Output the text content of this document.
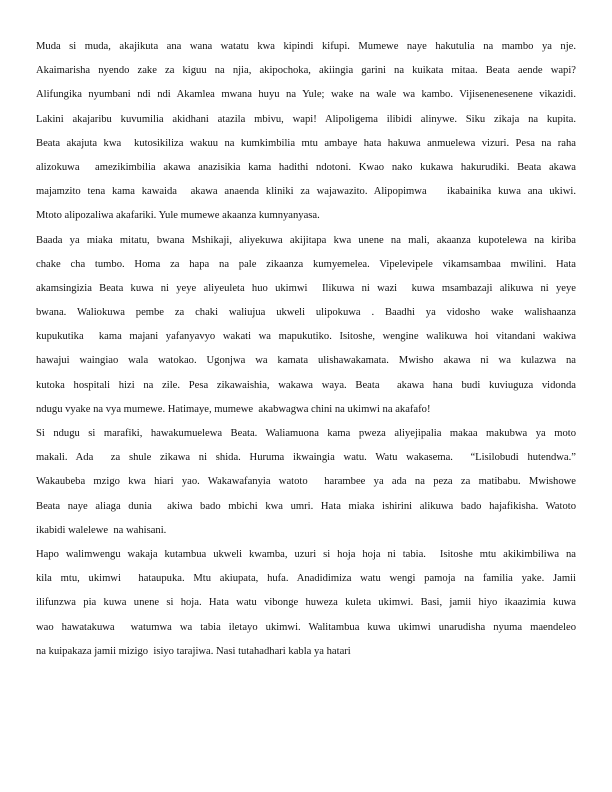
Muda si muda, akajikuta ana wana watatu kwa kipindi kifupi. Mumewe naye hakutulia na mambo ya nje.
Akaimarisha nyendo zake za kiguu na njia, akipochoka, akiingia garini na kuikata mitaa. Beata aende wapi?
Alifungika nyumbani ndi ndi Akamlea mwana huyu na Yule; wake na wale wa kambo. Vijisenenesenene vikazidi.
Lakini akajaribu kuvumilia akidhani atazila mbivu, wapi! Alipoligema ilibidi alinywe. Siku zikaja na kupita.
Beata akajuta kwa  kutosikiliza wakuu na kumkimbilia mtu ambaye hata hakuwa anmuelewa vizuri. Pesa na raha
alizokuwa  amezikimbilia akawa anazisikia kama hadithi ndotoni. Kwao nako kukawa hakurudiki. Beata akawa
majamzito tena kama kawaida  akawa anaenda kliniki za wajawazito. Alipopimwa   ikabainika kuwa ana ukiwi.
Mtoto alipozaliwa akafariki. Yule mumewe akaanza kumnyanyasa.
Baada ya miaka mitatu, bwana Mshikaji, aliyekuwa akijitapa kwa unene na mali, akaanza kupotelewa na kiriba
chake cha tumbo. Homa za hapa na pale zikaanza kumyemelea. Vipelevipele vikamsambaa mwilini. Hata
akamsingizia Beata kuwa ni yeye aliyeuleta huo ukimwi  Ilikuwa ni wazi  kuwa msambazaji alikuwa ni yeye
bwana. Waliokuwa pembe za chaki waliujua ukweli ulipokuwa . Baadhi ya vidosho wake walishaanza
kupukutika  kama majani yafanyavyo wakati wa mapukutiko. Isitoshe, wengine walikuwa hoi vitandani wakiwa
hawajui waingiao wala watokao. Ugonjwa wa kamata ulishawakamata. Mwisho akawa ni wa kulazwa na
kutoka hospitali hizi na zile. Pesa zikawaishia, wakawa waya. Beata  akawa hana budi kuviuguza vidonda
ndugu vyake na vya mumewe. Hatimaye, mumewe  akabwagwa chini na ukimwi na akafafo!
Si ndugu si marafiki, hawakumuelewa Beata. Waliamuona kama pweza aliyejipalia makaa makubwa ya moto
makali. Ada  za shule zikawa ni shida. Huruma ikwaingia watu. Watu wakasema.  “Lisilobudi hutendwa.”
Wakaubeba mzigo kwa hiari yao. Wakawafanyia watoto  harambee ya ada na peza za matibabu. Mwishowe
Beata naye aliaga dunia  akiwa bado mbichi kwa umri. Hata miaka ishirini alikuwa bado hajafikisha. Watoto
ikabidi walelewe  na wahisani.
Hapo walimwengu wakaja kutambua ukweli kwamba, uzuri si hoja hoja ni tabia.  Isitoshe mtu akikimbiliwa na
kila mtu, ukimwi  hataupuka. Mtu akiupata, hufa. Anadidimiza watu wengi pamoja na familia yake. Jamii
ilifunzwa pia kuwa unene si hoja. Hata watu vibonge huweza kuleta ukimwi. Basi, jamii hiyo ikaazimia kuwa
wao hawatakuwa  watumwa wa tabia iletayo ukimwi. Walitambua kuwa ukimwi unarudisha nyuma maendeleo
na kuipakaza jamii mizigo  isiyo tarajiwa. Nasi tutahadhari kabla ya hatari
